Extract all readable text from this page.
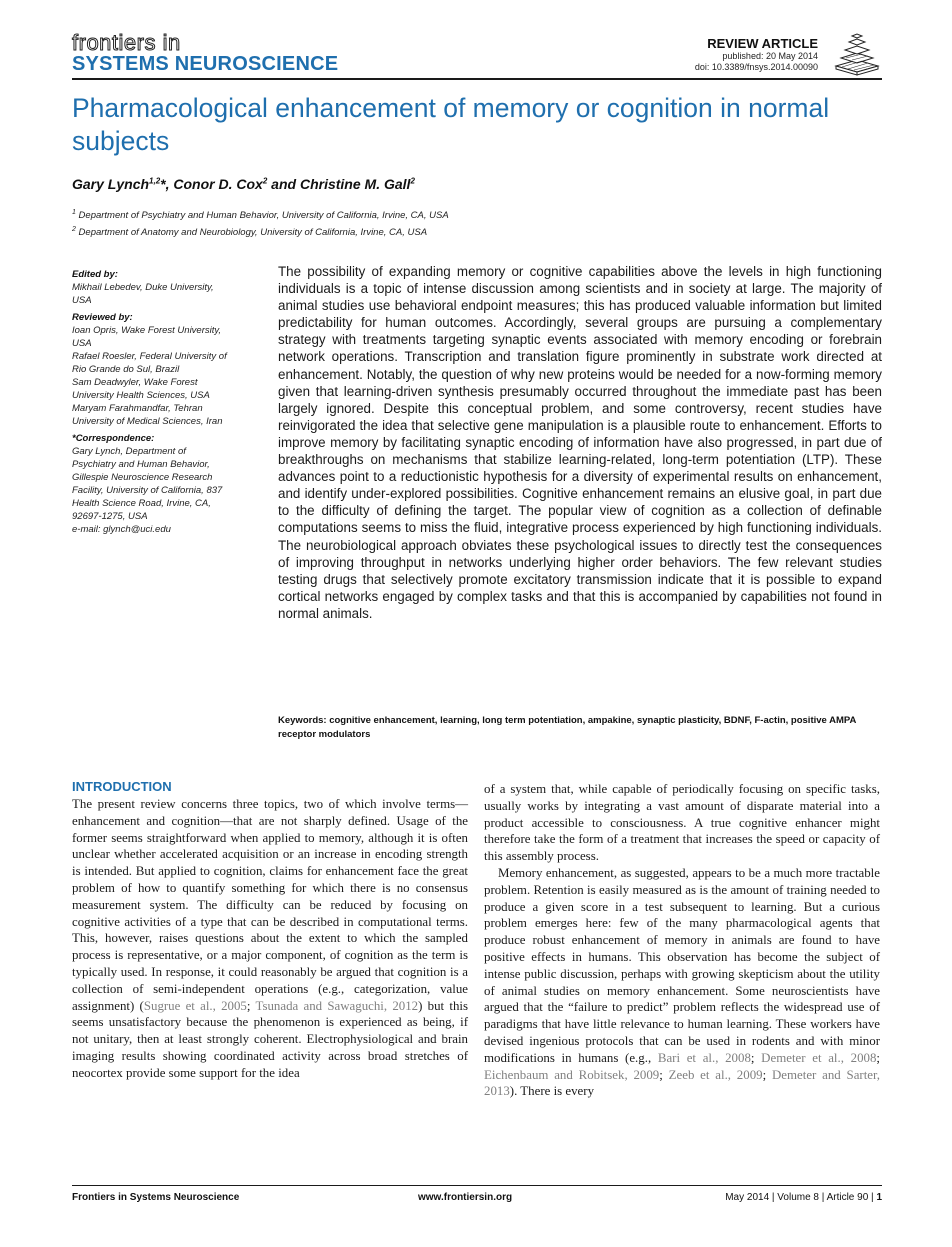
frontiers in
SYSTEMS NEUROSCIENCE
REVIEW ARTICLE
published: 20 May 2014
doi: 10.3389/fnsys.2014.00090
Pharmacological enhancement of memory or cognition in normal subjects
Gary Lynch$^{1,2}$*, Conor D. Cox$^2$ and Christine M. Gall$^2$
$^1$ Department of Psychiatry and Human Behavior, University of California, Irvine, CA, USA
$^2$ Department of Anatomy and Neurobiology, University of California, Irvine, CA, USA
Edited by:
Mikhail Lebedev, Duke University,
USA
Reviewed by:
Ioan Opris, Wake Forest University,
USA
Rafael Roesler, Federal University of
Rio Grande do Sul, Brazil
Sam Deadwyler, Wake Forest
University Health Sciences, USA
Maryam Farahmandfar, Tehran
University of Medical Sciences, Iran
*Correspondence:
Gary Lynch, Department of
Psychiatry and Human Behavior,
Gillespie Neuroscience Research
Facility, University of California, 837
Health Science Road, Irvine, CA,
92697-1275, USA
e-mail: glynch@uci.edu
The possibility of expanding memory or cognitive capabilities above the levels in high functioning individuals is a topic of intense discussion among scientists and in society at large. The majority of animal studies use behavioral endpoint measures; this has produced valuable information but limited predictability for human outcomes. Accordingly, several groups are pursuing a complementary strategy with treatments targeting synaptic events associated with memory encoding or forebrain network operations. Transcription and translation figure prominently in substrate work directed at enhancement. Notably, the question of why new proteins would be needed for a now-forming memory given that learning-driven synthesis presumably occurred throughout the immediate past has been largely ignored. Despite this conceptual problem, and some controversy, recent studies have reinvigorated the idea that selective gene manipulation is a plausible route to enhancement. Efforts to improve memory by facilitating synaptic encoding of information have also progressed, in part due of breakthroughs on mechanisms that stabilize learning-related, long-term potentiation (LTP). These advances point to a reductionistic hypothesis for a diversity of experimental results on enhancement, and identify under-explored possibilities. Cognitive enhancement remains an elusive goal, in part due to the difficulty of defining the target. The popular view of cognition as a collection of definable computations seems to miss the fluid, integrative process experienced by high functioning individuals. The neurobiological approach obviates these psychological issues to directly test the consequences of improving throughput in networks underlying higher order behaviors. The few relevant studies testing drugs that selectively promote excitatory transmission indicate that it is possible to expand cortical networks engaged by complex tasks and that this is accompanied by capabilities not found in normal animals.
Keywords: cognitive enhancement, learning, long term potentiation, ampakine, synaptic plasticity, BDNF, F-actin, positive AMPA receptor modulators
INTRODUCTION

The present review concerns three topics, two of which involve terms—enhancement and cognition—that are not sharply defined. Usage of the former seems straightforward when applied to memory, although it is often unclear whether accelerated acquisition or an increase in encoding strength is intended. But applied to cognition, claims for enhancement face the great problem of how to quantify something for which there is no consensus measurement system. The difficulty can be reduced by focusing on cognitive activities of a type that can be described in computational terms. This, however, raises questions about the extent to which the sampled process is representative, or a major component, of cognition as the term is typically used. In response, it could reasonably be argued that cognition is a collection of semi-independent operations (e.g., categorization, value assignment) (Sugrue et al., 2005; Tsunada and Sawaguchi, 2012) but this seems unsatisfactory because the phenomenon is experienced as being, if not unitary, then at least strongly coherent. Electrophysiological and brain imaging results showing coordinated activity across broad stretches of neocortex provide some support for the idea

of a system that, while capable of periodically focusing on specific tasks, usually works by integrating a vast amount of disparate material into a product accessible to consciousness. A true cognitive enhancer might therefore take the form of a treatment that increases the speed or capacity of this assembly process.

Memory enhancement, as suggested, appears to be a much more tractable problem. Retention is easily measured as is the amount of training needed to produce a given score in a test subsequent to learning. But a curious problem emerges here: few of the many pharmacological agents that produce robust enhancement of memory in animals are found to have positive effects in humans. This observation has become the subject of intense public discussion, perhaps with growing skepticism about the utility of animal studies on memory enhancement. Some neuroscientists have argued that the “failure to predict” problem reflects the widespread use of paradigms that have little relevance to human learning. These workers have devised ingenious protocols that can be used in rodents and with minor modifications in humans (e.g., Bari et al., 2008; Demeter et al., 2008; Eichenbaum and Robitsek, 2009; Zeeb et al., 2009; Demeter and Sarter, 2013). There is every

Frontiers in Systems Neuroscience	www.frontiersin.org	May 2014 | Volume 8 | Article 90 | 1
